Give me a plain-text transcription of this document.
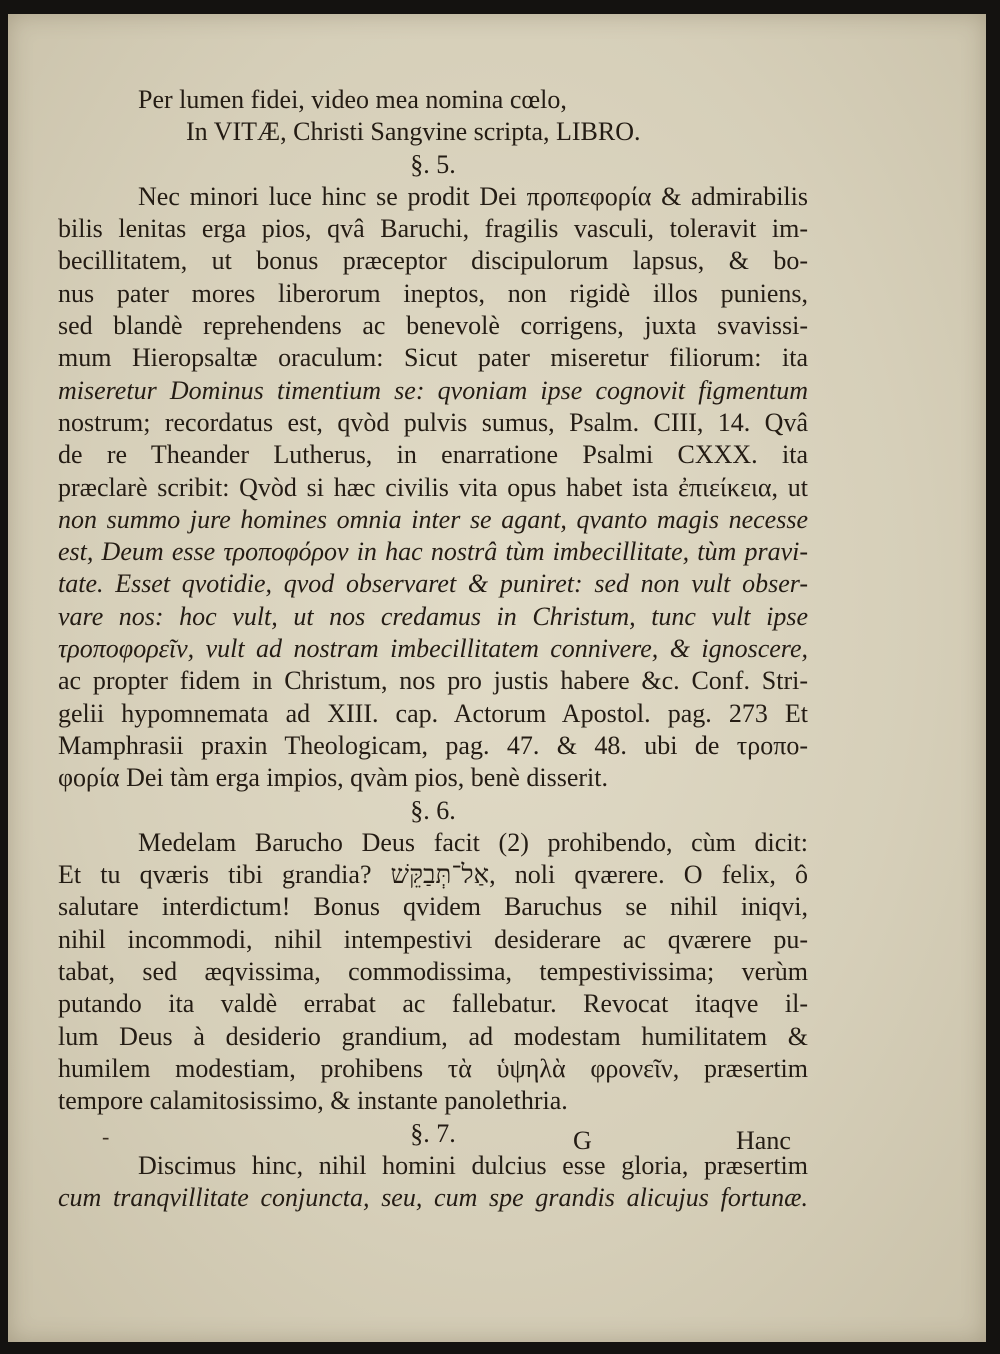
Per lumen fidei, video mea nomina cœlo,
In VITÆ, Christi Sangvine scripta, LIBRO.
§. 5.
Nec minori luce hinc se prodit Dei προπεφορία & admirabilis
bilis lenitas erga pios, qvâ Baruchi, fragilis vasculi, toleravit im-
becillitatem, ut bonus præceptor discipulorum lapsus, & bo-
nus pater mores liberorum ineptos, non rigidè illos puniens,
sed blandè reprehendens ac benevolè corrigens, juxta svavissi-
mum Hieropsaltæ oraculum: Sicut pater miseretur filiorum: ita
miseretur Dominus timentium se: qvoniam ipse cognovit figmentum
nostrum; recordatus est, qvòd pulvis sumus, Psalm. CIII, 14. Qvâ
de re Theander Lutherus, in enarratione Psalmi CXXX. ita
præclarè scribit: Qvòd si hæc civilis vita opus habet ista ἐπιείκεια, ut
non summo jure homines omnia inter se agant, qvanto magis necesse
est, Deum esse τροποφόρον in hac nostrâ tùm imbecillitate, tùm pravi-
tate. Esset qvotidie, qvod observaret & puniret: sed non vult obser-
vare nos: hoc vult, ut nos credamus in Christum, tunc vult ipse
τροποφορεῖν, vult ad nostram imbecillitatem connivere, & ignoscere,
ac propter fidem in Christum, nos pro justis habere &c. Conf. Stri-
gelii hypomnemata ad XIII. cap. Actorum Apostol. pag. 273 Et
Mamphrasii praxin Theologicam, pag. 47. & 48. ubi de τροπο-
φορία Dei tàm erga impios, qvàm pios, benè disserit.
§. 6.
Medelam Barucho Deus facit (2) prohibendo, cùm dicit:
Et tu qværis tibi grandia? אַל־תְּבַקֵּשׁ, noli qværere. O felix, ô
salutare interdictum! Bonus qvidem Baruchus se nihil iniqvi,
nihil incommodi, nihil intempestivi desiderare ac qværere pu-
tabat, sed æqvissima, commodissima, tempestivissima; verùm
putando ita valdè errabat ac fallebatur. Revocat itaqve il-
lum Deus à desiderio grandium, ad modestam humilitatem &
humilem modestiam, prohibens τὰ ὑψηλὰ φρονεῖν, præsertim
tempore calamitosissimo, & instante panolethria.
§. 7.
Discimus hinc, nihil homini dulcius esse gloria, præsertim
cum tranqvillitate conjuncta, seu, cum spe grandis alicujus fortunæ.
-	G	Hanc
